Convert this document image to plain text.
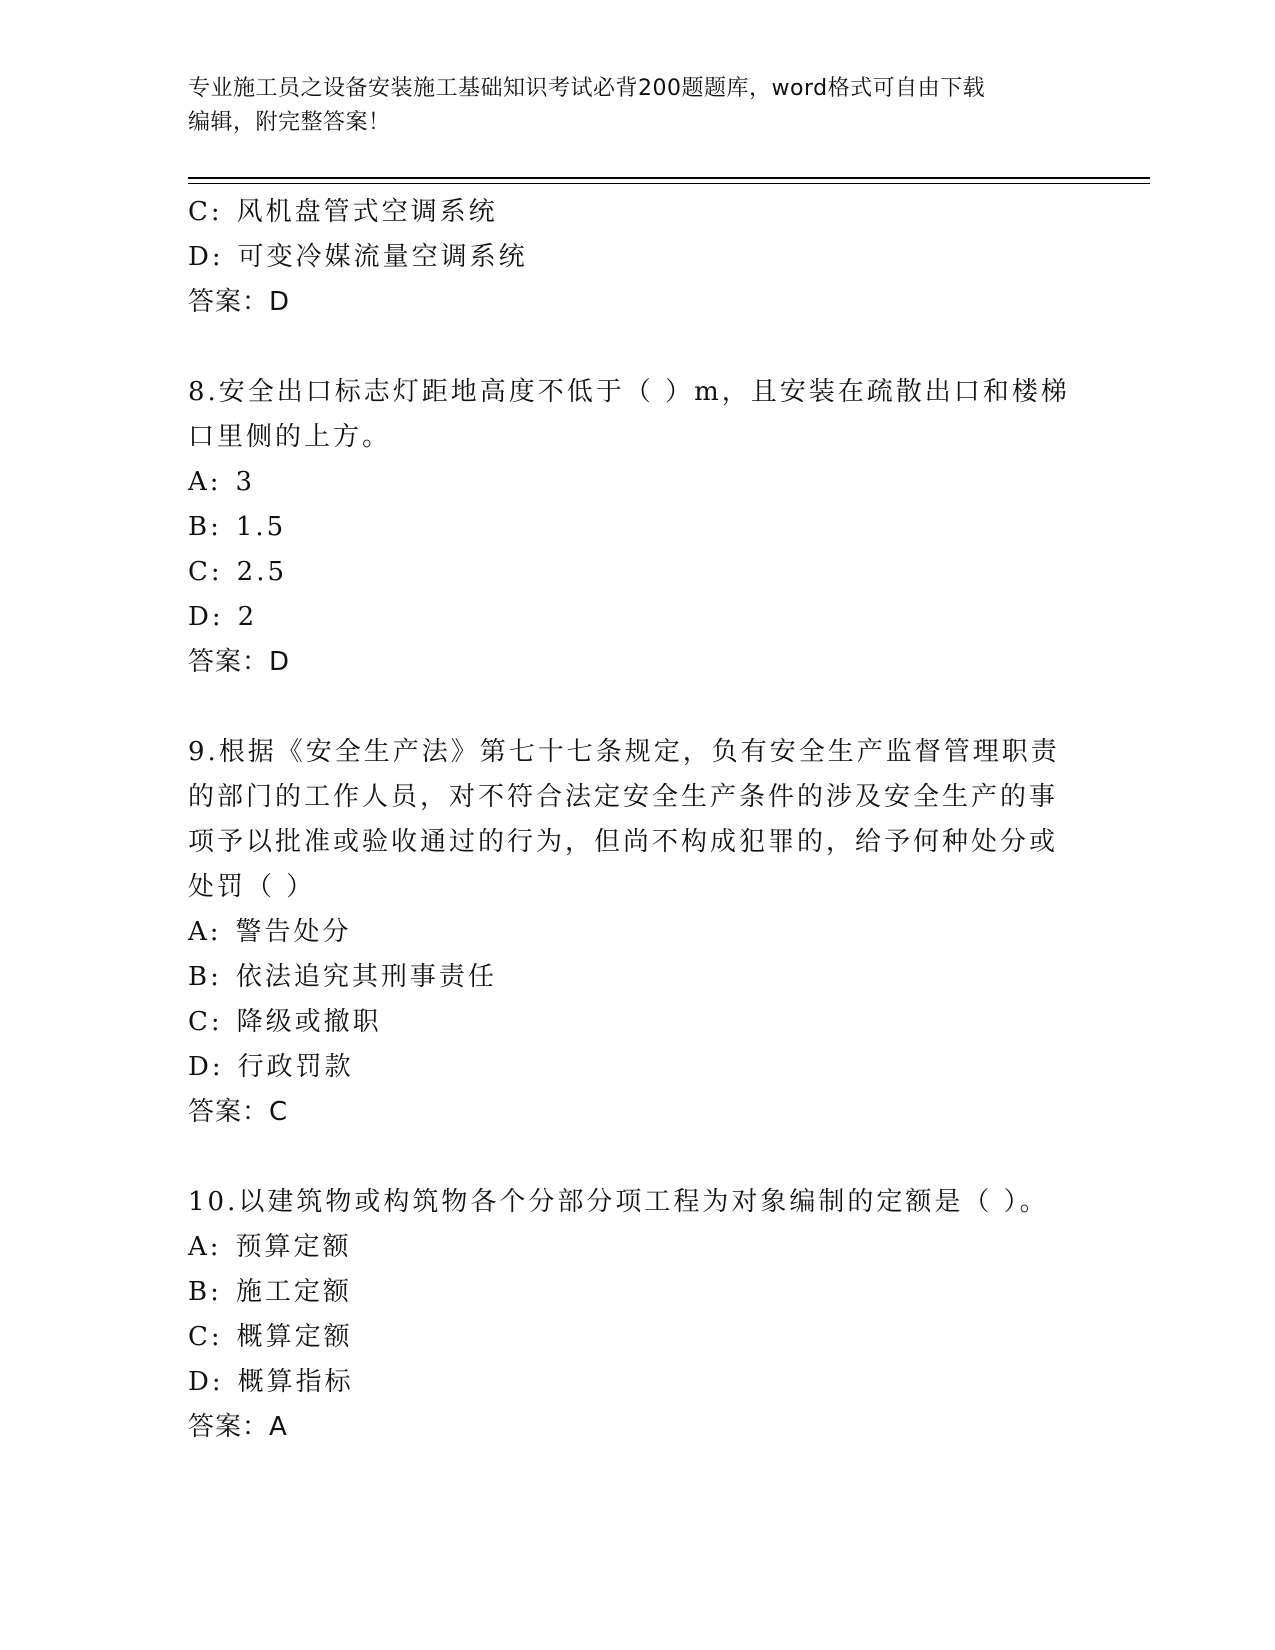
专业施工员之设备安装施工基础知识考试必背200题题库，word格式可自由下载
编辑，附完整答案！
C: 风机盘管式空调系统
D: 可变冷媒流量空调系统
答案：D
8.安全出口标志灯距地高度不低于（ ）m，且安装在疏散出口和楼梯
口里侧的上方。
A: 3
B: 1.5
C: 2.5
D: 2
答案：D
9.根据《安全生产法》第七十七条规定，负有安全生产监督管理职责
的部门的工作人员，对不符合法定安全生产条件的涉及安全生产的事
项予以批准或验收通过的行为，但尚不构成犯罪的，给予何种处分或
处罚（ ）
A: 警告处分
B: 依法追究其刑事责任
C: 降级或撤职
D: 行政罚款
答案：C
10.以建筑物或构筑物各个分部分项工程为对象编制的定额是（ ）。
A: 预算定额
B: 施工定额
C: 概算定额
D: 概算指标
答案：A
